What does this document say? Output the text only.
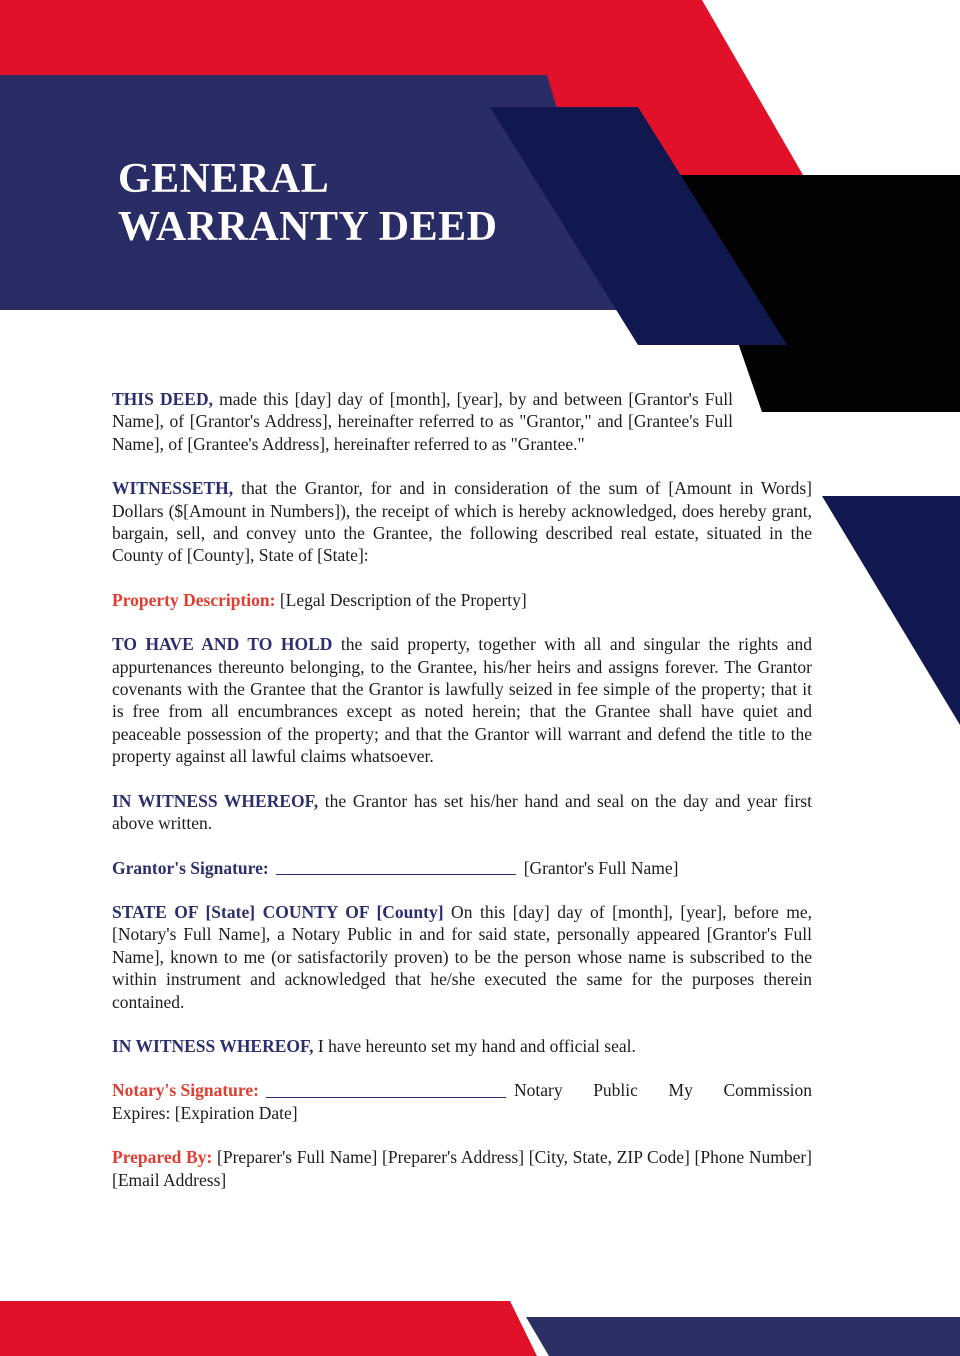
GENERAL
WARRANTY DEED

THIS DEED, made this [day] day of [month], [year], by and between [Grantor's Full Name], of [Grantor's Address], hereinafter referred to as "Grantor," and [Grantee's Full Name], of [Grantee's Address], hereinafter referred to as "Grantee."

WITNESSETH, that the Grantor, for and in consideration of the sum of [Amount in Words] Dollars ($[Amount in Numbers]), the receipt of which is hereby acknowledged, does hereby grant, bargain, sell, and convey unto the Grantee, the following described real estate, situated in the County of [County], State of [State]:

Property Description: [Legal Description of the Property]

TO HAVE AND TO HOLD the said property, together with all and singular the rights and appurtenances thereunto belonging, to the Grantee, his/her heirs and assigns forever. The Grantor covenants with the Grantee that the Grantor is lawfully seized in fee simple of the property; that it is free from all encumbrances except as noted herein; that the Grantee shall have quiet and peaceable possession of the property; and that the Grantor will warrant and defend the title to the property against all lawful claims whatsoever.

IN WITNESS WHEREOF, the Grantor has set his/her hand and seal on the day and year first above written.

Grantor's Signature:	[Grantor's Full Name]

STATE OF [State] COUNTY OF [County] On this [day] day of [month], [year], before me, [Notary's Full Name], a Notary Public in and for said state, personally appeared [Grantor's Full Name], known to me (or satisfactorily proven) to be the person whose name is subscribed to the within instrument and acknowledged that he/she executed the same for the purposes therein contained.

IN WITNESS WHEREOF, I have hereunto set my hand and official seal.

Notary's Signature:	Notary Public My Commission
Expires: [Expiration Date]

Prepared By: [Preparer's Full Name] [Preparer's Address] [City, State, ZIP Code] [Phone Number] [Email Address]
